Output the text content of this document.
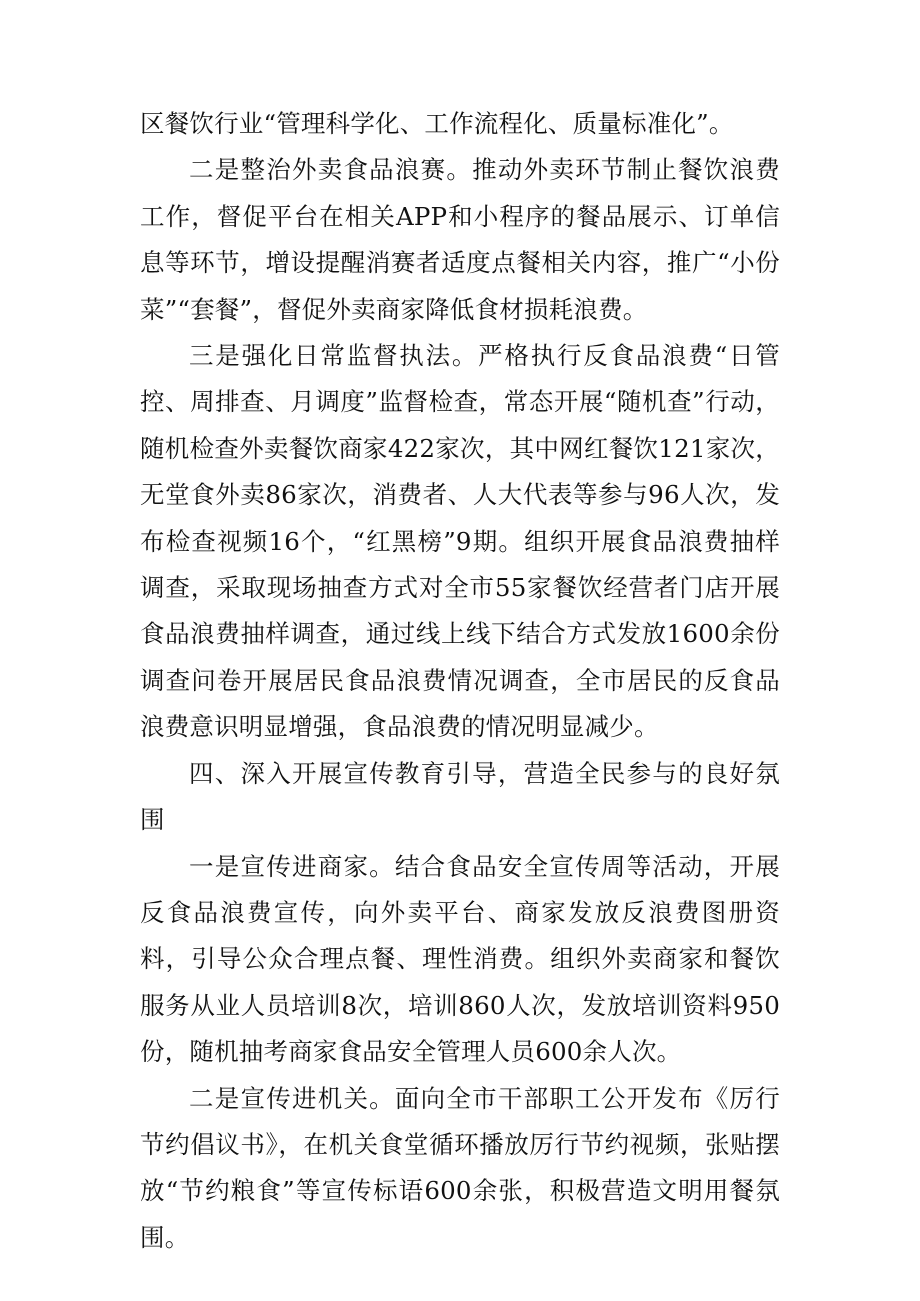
区餐饮行业“管理科学化、工作流程化、质量标准化”。

二是整治外卖食品浪赛。推动外卖环节制止餐饮浪费工作，督促平台在相关APP和小程序的餐品展示、订单信息等环节，增设提醒消赛者适度点餐相关内容，推广“小份菜”“套餐”，督促外卖商家降低食材损耗浪费。

三是强化日常监督执法。严格执行反食品浪费“日管控、周排查、月调度”监督检查，常态开展“随机查”行动，随机检查外卖餐饮商家422家次，其中网红餐饮121家次，无堂食外卖86家次，消费者、人大代表等参与96人次，发布检查视频16个，“红黑榜”9期。组织开展食品浪费抽样调查，采取现场抽查方式对全市55家餐饮经营者门店开展食品浪费抽样调查，通过线上线下结合方式发放1600余份调查问卷开展居民食品浪费情况调查，全市居民的反食品浪费意识明显增强，食品浪费的情况明显减少。

四、深入开展宣传教育引导，营造全民参与的良好氛围

一是宣传进商家。结合食品安全宣传周等活动，开展反食品浪费宣传，向外卖平台、商家发放反浪费图册资料，引导公众合理点餐、理性消费。组织外卖商家和餐饮服务从业人员培训8次，培训860人次，发放培训资料950份，随机抽考商家食品安全管理人员600余人次。

二是宣传进机关。面向全市干部职工公开发布《厉行节约倡议书》，在机关食堂循环播放厉行节约视频，张贴摆放“节约粮食”等宣传标语600余张，积极营造文明用餐氛围。
